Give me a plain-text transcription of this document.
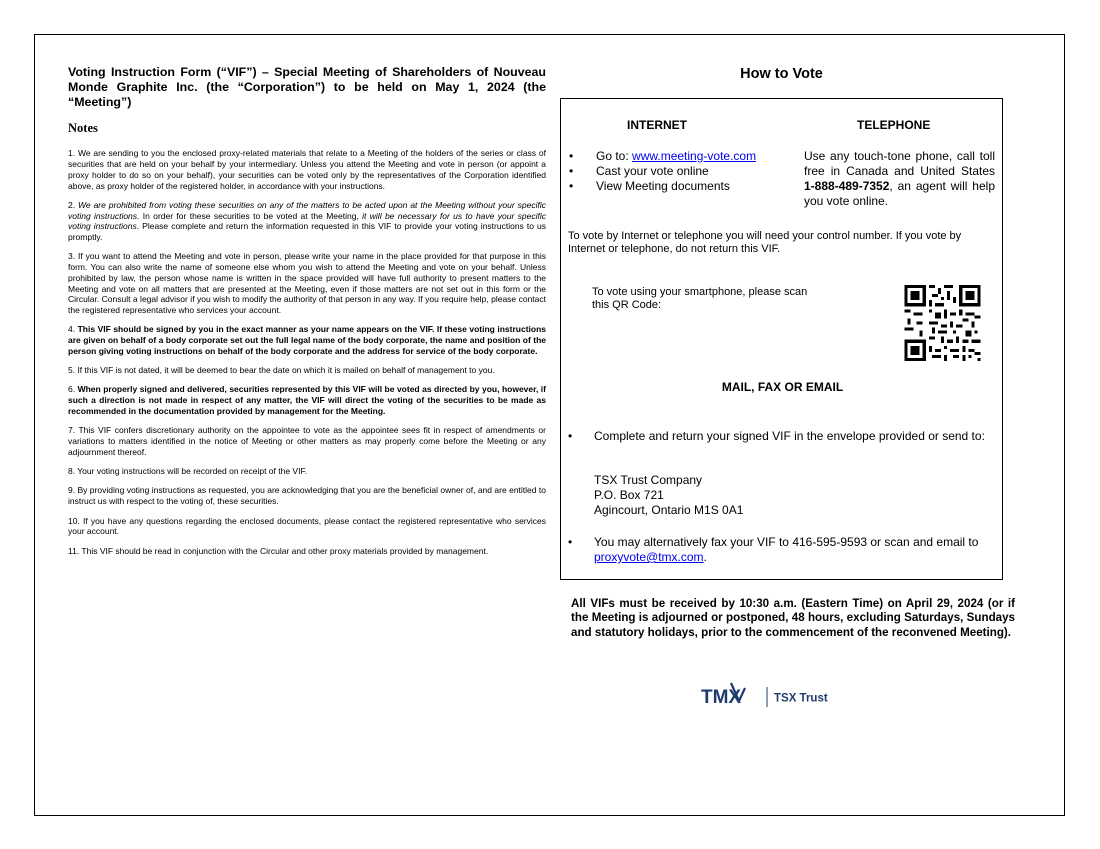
Voting Instruction Form (“VIF”) – Special Meeting of Shareholders of Nouveau Monde Graphite Inc. (the “Corporation”) to be held on May 1, 2024 (the “Meeting”)

Notes

1. We are sending to you the enclosed proxy-related materials that relate to a Meeting of the holders of the series or class of securities that are held on your behalf by your intermediary. Unless you attend the Meeting and vote in person (or appoint a proxy holder to do so on your behalf), your securities can be voted only by the representatives of the Corporation identified above, as proxy holder of the registered holder, in accordance with your instructions.

2. We are prohibited from voting these securities on any of the matters to be acted upon at the Meeting without your specific voting instructions. In order for these securities to be voted at the Meeting, it will be necessary for us to have your specific voting instructions. Please complete and return the information requested in this VIF to provide your voting instructions to us promptly.

3. If you want to attend the Meeting and vote in person, please write your name in the place provided for that purpose in this form. You can also write the name of someone else whom you wish to attend the Meeting and vote on your behalf. Unless prohibited by law, the person whose name is written in the space provided will have full authority to present matters to the Meeting and vote on all matters that are presented at the Meeting, even if those matters are not set out in this form or the Circular. Consult a legal advisor if you wish to modify the authority of that person in any way. If you require help, please contact the registered representative who services your account.

4. This VIF should be signed by you in the exact manner as your name appears on the VIF. If these voting instructions are given on behalf of a body corporate set out the full legal name of the body corporate, the name and position of the person giving voting instructions on behalf of the body corporate and the address for service of the body corporate.

5. If this VIF is not dated, it will be deemed to bear the date on which it is mailed on behalf of management to you.

6. When properly signed and delivered, securities represented by this VIF will be voted as directed by you, however, if such a direction is not made in respect of any matter, the VIF will direct the voting of the securities to be made as recommended in the documentation provided by management for the Meeting.

7. This VIF confers discretionary authority on the appointee to vote as the appointee sees fit in respect of amendments or variations to matters identified in the notice of Meeting or other matters as may properly come before the Meeting or any adjournment thereof.

8. Your voting instructions will be recorded on receipt of the VIF.

9. By providing voting instructions as requested, you are acknowledging that you are the beneficial owner of, and are entitled to instruct us with respect to the voting of, these securities.

10. If you have any questions regarding the enclosed documents, please contact the registered representative who services your account.

11. This VIF should be read in conjunction with the Circular and other proxy materials provided by management.

How to Vote
INTERNET	TELEPHONE
• Go to: www.meeting-vote.com
• Cast your vote online
• View Meeting documents
Use any touch-tone phone, call toll free in Canada and United States 1-888-489-7352, an agent will help you vote online.
To vote by Internet or telephone you will need your control number. If you vote by Internet or telephone, do not return this VIF.
To vote using your smartphone, please scan this QR Code:
MAIL, FAX OR EMAIL
• Complete and return your signed VIF in the envelope provided or send to:
TSX Trust Company
P.O. Box 721
Agincourt, Ontario M1S 0A1
• You may alternatively fax your VIF to 416-595-9593 or scan and email to proxyvote@tmx.com.
All VIFs must be received by 10:30 a.m. (Eastern Time) on April 29, 2024 (or if the Meeting is adjourned or postponed, 48 hours, excluding Saturdays, Sundays and statutory holidays, prior to the commencement of the reconvened Meeting).
TMX	TSX Trust
